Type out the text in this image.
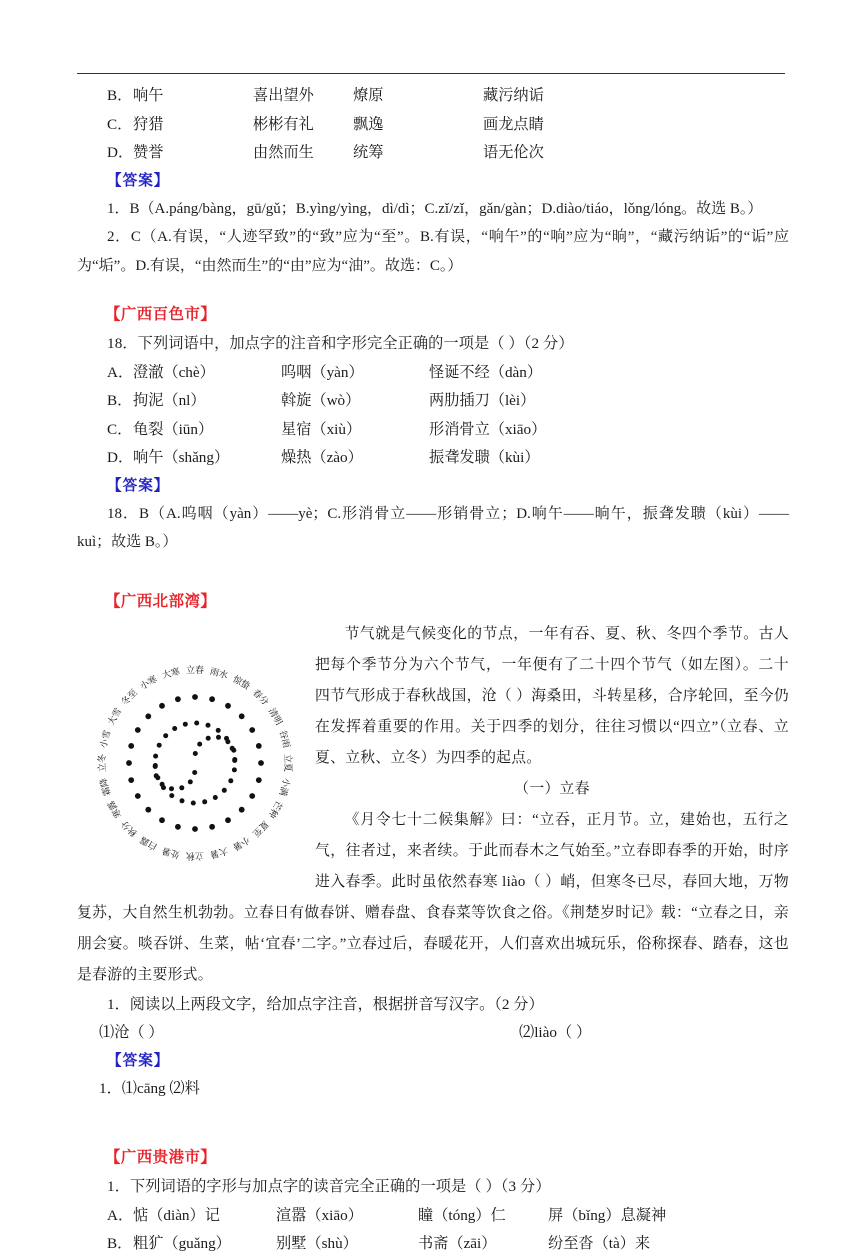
B． 响午	喜出望外	燎原	藏污纳诟
C． 狩猎	彬彬有礼	飘逸	画龙点睛
D． 赞誉	由然而生	统筹	语无伦次
【答案】
1．B（A.páng/bàng，gū/gǔ；B.yìng/yìng，dì/dì；C.zǐ/zǐ，gǎn/gàn；D.diào/tiáo，lǒng/lóng。故选 B。）
2．C（A.有误，“人迹罕致”的“致”应为“至”。B.有误，“响午”的“响”应为“晌”，“藏污纳诟”的“诟”应为“垢”。D.有误，“由然而生”的“由”应为“油”。故选：C。）
【广西百色市】
18．下列词语中，加点字的注音和字形完全正确的一项是（ ）（2 分）
A． 澄澈（chè）	呜咽（yàn）	怪诞不经（dàn）
B． 拘泥（nl）	斡旋（wò）	两肋插刀（lèi）
C． 龟裂（iūn）	星宿（xiù）	形消骨立（xiāo）
D． 响午（shǎng）	燥热（zào）	振聋发聩（kùi）
【答案】
18．B（A.呜咽（yàn）——yè；C.形消骨立——形销骨立；D.响午——晌午，振聋发聩（kùi）——kuì；故选 B。）
【广西北部湾】
立春 雨水
惊蛰
春分
清明
谷雨
立夏
小满
芒种
夏至
小暑
大暑
立秋
处暑
白露
秋分
寒露
霜降
立冬
小雪
大雪
冬至
小寒
大寒

节气就是气候变化的节点，一年有吞、夏、秋、冬四个季节。古人把每个季节分为六个节气，一年便有了二十四个节气（如左图）。二十四节气形成于春秋战国，沧（ ）海桑田，斗转星移，合序轮回，至今仍在发挥着重要的作用。关于四季的划分，往往习惯以“四立”（立春、立夏、立秋、立冬）为四季的起点。

（一）立春

《月令七十二候集解》曰：“立吞，正月节。立，建始也，五行之气，往者过，来者续。于此而春木之气始至。”立春即春季的开始，时序进入春季。此时虽依然春寒 liào（ ）峭，但寒冬已尽，春回大地，万物复苏，大自然生机勃勃。立春日有做春饼、赠春盘、食春菜等饮食之俗。《荆楚岁时记》载：“立春之日，亲朋会宴。啖吞饼、生菜，帖‘宜春’二字。”立春过后，春暖花开，人们喜欢出城玩乐，俗称探春、踏春，这也是春游的主要形式。

1．阅读以上两段文字，给加点字注音，根据拼音写汉字。（2 分）
⑴沧（ ）	⑵liào（ ）
【答案】
1．⑴cāng ⑵料
【广西贵港市】
1．下列词语的字形与加点字的读音完全正确的一项是（ ）（3 分）
A． 惦（diàn）记	渲嚣（xiāo）	瞳（tóng）仁	屏（bǐng）息凝神
B． 粗犷（guǎng）	别墅（shù）	书斋（zāi）	纷至沓（tà）来
